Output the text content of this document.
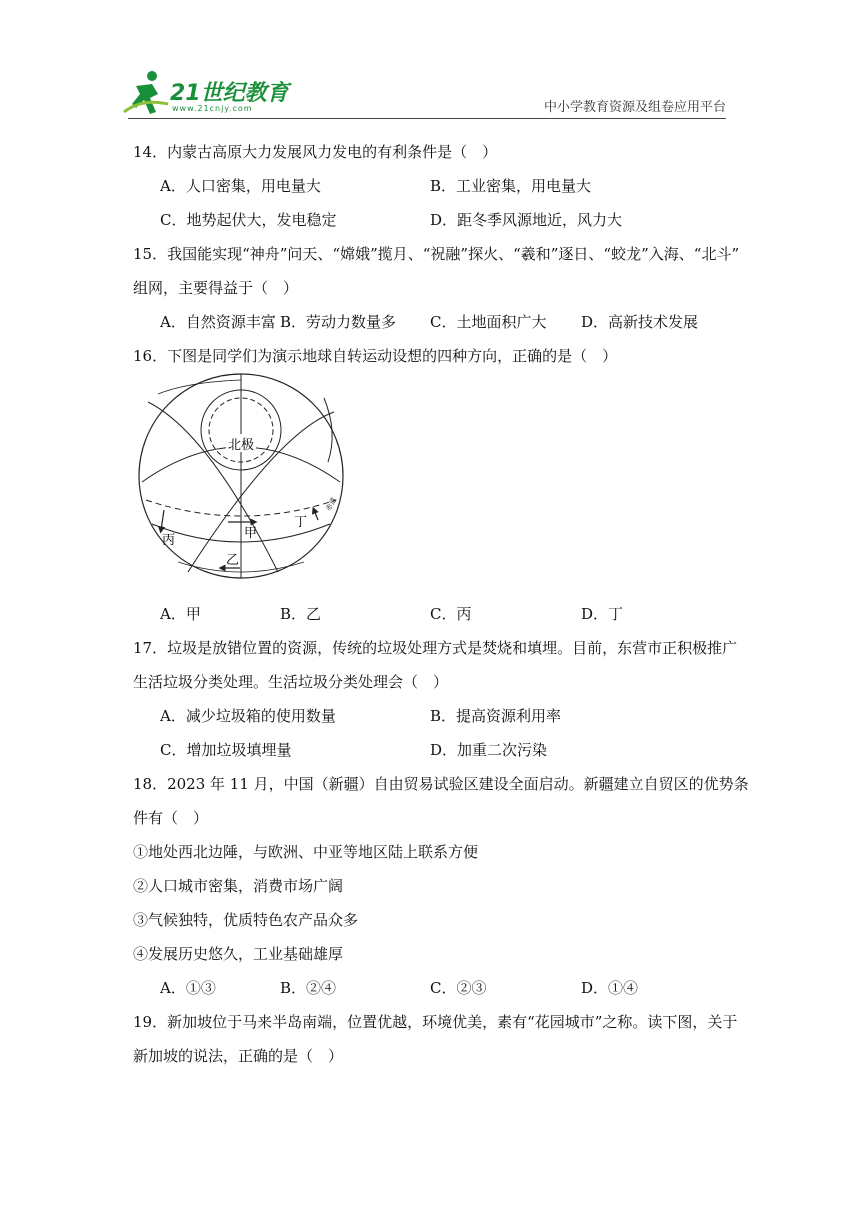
21世纪教育
www.21cnjy.com	中小学教育资源及组卷应用平台
14．内蒙古高原大力发展风力发电的有利条件是（　）
A．人口密集，用电量大	B．工业密集，用电量大
C．地势起伏大，发电稳定	D．距冬季风源地近，风力大
15．我国能实现“神舟”问天、“嫦娥”揽月、“祝融”探火、“羲和”逐日、“蛟龙”入海、“北斗”
组网，主要得益于（　）
A．自然资源丰富 B．劳动力数量多 C．土地面积广大 D．高新技术发展
16．下图是同学们为演示地球自转运动设想的四种方向，正确的是（　）
北极
赤道
甲
乙
丙
丁
A．甲	B．乙	C．丙	D．丁
17．垃圾是放错位置的资源，传统的垃圾处理方式是焚烧和填埋。目前，东营市正积极推广
生活垃圾分类处理。生活垃圾分类处理会（　）
A．减少垃圾箱的使用数量	B．提高资源利用率
C．增加垃圾填埋量	D．加重二次污染
18．2023 年 11 月，中国（新疆）自由贸易试验区建设全面启动。新疆建立自贸区的优势条
件有（　）
①地处西北边陲，与欧洲、中亚等地区陆上联系方便
②人口城市密集，消费市场广阔
③气候独特，优质特色农产品众多
④发展历史悠久，工业基础雄厚
A．①③	B．②④	C．②③	D．①④
19．新加坡位于马来半岛南端，位置优越，环境优美，素有“花园城市”之称。读下图，关于
新加坡的说法，正确的是（　）
